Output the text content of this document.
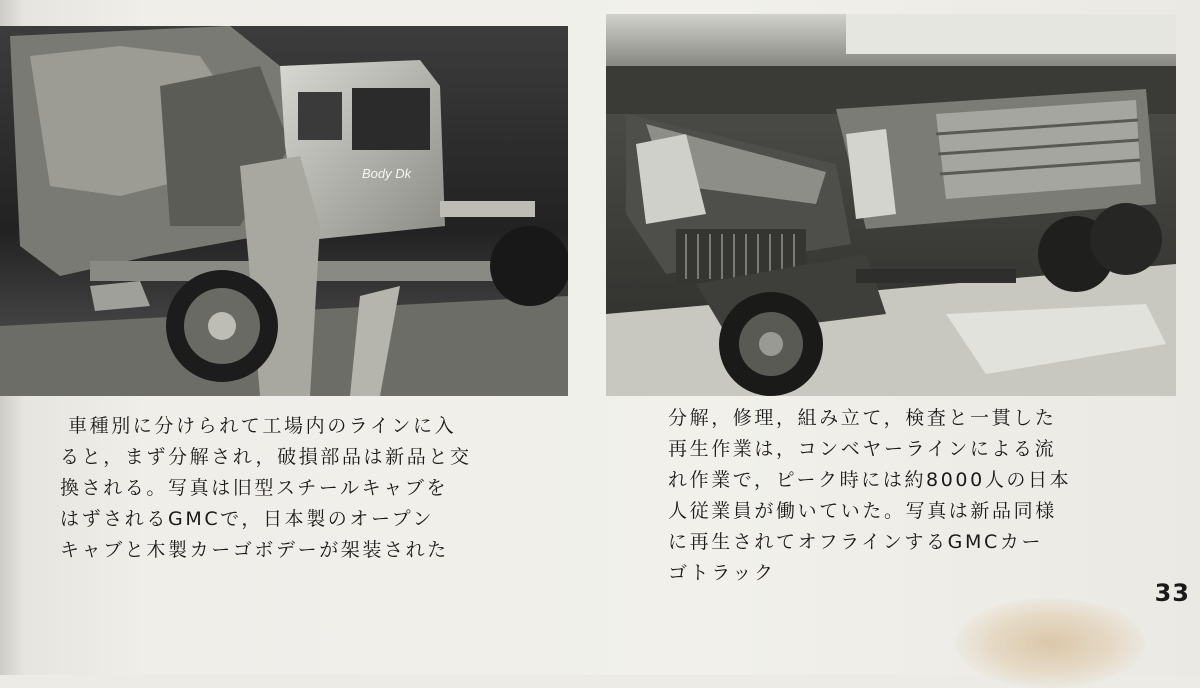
Body Dk

車種別に分けられて工場内のラインに入
ると，まず分解され，破損部品は新品と交
換される。写真は旧型スチールキャブを
はずされるGMCで，日本製のオープン
キャブと木製カーゴボデーが架装された

分解，修理，組み立て，検査と一貫した
再生作業は，コンベヤーラインによる流
れ作業で，ピーク時には約8000人の日本
人従業員が働いていた。写真は新品同様
に再生されてオフラインするGMCカー
ゴトラック

33
